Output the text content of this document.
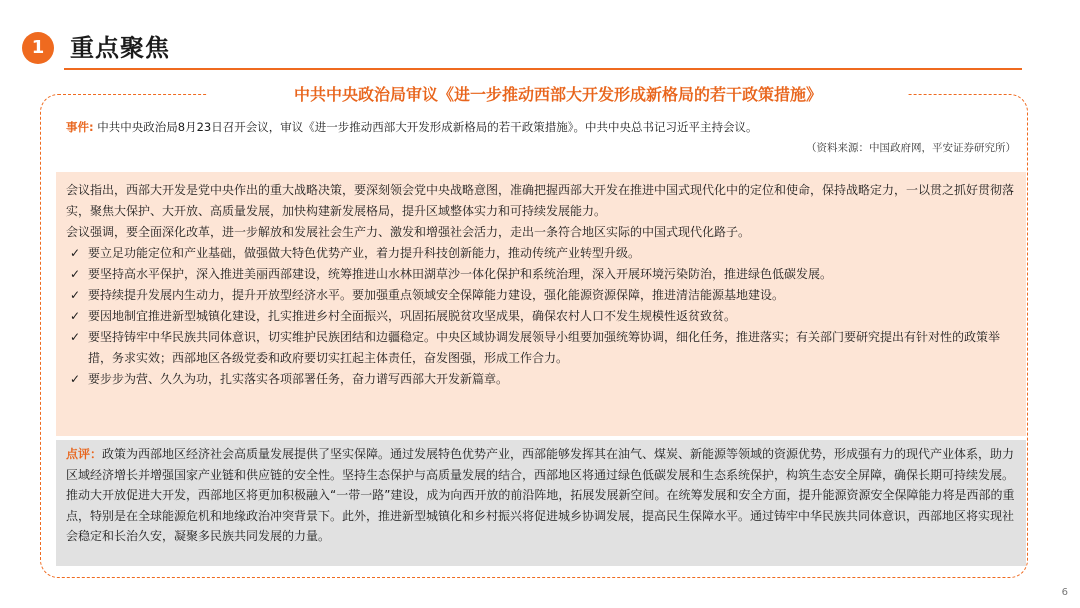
1	重点聚焦
中共中央政治局审议《进一步推动西部大开发形成新格局的若干政策措施》
事件: 中共中央政治局8月23日召开会议，审议《进一步推动西部大开发形成新格局的若干政策措施》。中共中央总书记习近平主持会议。
（资料来源：中国政府网，平安证券研究所）

会议指出，西部大开发是党中央作出的重大战略决策，要深刻领会党中央战略意图，准确把握西部大开发在推进中国式现代化中的定位和使命，保持战略定力，一以贯之抓好贯彻落实，聚焦大保护、大开放、高质量发展，加快构建新发展格局，提升区域整体实力和可持续发展能力。

会议强调，要全面深化改革，进一步解放和发展社会生产力、激发和增强社会活力，走出一条符合地区实际的中国式现代化路子。

✓ 要立足功能定位和产业基础，做强做大特色优势产业，着力提升科技创新能力，推动传统产业转型升级。
✓ 要坚持高水平保护，深入推进美丽西部建设，统筹推进山水林田湖草沙一体化保护和系统治理，深入开展环境污染防治，推进绿色低碳发展。
✓ 要持续提升发展内生动力，提升开放型经济水平。要加强重点领域安全保障能力建设，强化能源资源保障，推进清洁能源基地建设。
✓ 要因地制宜推进新型城镇化建设，扎实推进乡村全面振兴，巩固拓展脱贫攻坚成果，确保农村人口不发生规模性返贫致贫。
✓ 要坚持铸牢中华民族共同体意识，切实维护民族团结和边疆稳定。中央区域协调发展领导小组要加强统筹协调，细化任务，推进落实；有关部门要研究提出有针对性的政策举措，务求实效；西部地区各级党委和政府要切实扛起主体责任，奋发图强，形成工作合力。
✓ 要步步为营、久久为功，扎实落实各项部署任务，奋力谱写西部大开发新篇章。
点评：政策为西部地区经济社会高质量发展提供了坚实保障。通过发展特色优势产业，西部能够发挥其在油气、煤炭、新能源等领域的资源优势，形成强有力的现代产业体系，助力区域经济增长并增强国家产业链和供应链的安全性。坚持生态保护与高质量发展的结合，西部地区将通过绿色低碳发展和生态系统保护，构筑生态安全屏障，确保长期可持续发展。推动大开放促进大开发，西部地区将更加积极融入“一带一路”建设，成为向西开放的前沿阵地，拓展发展新空间。在统筹发展和安全方面，提升能源资源安全保障能力将是西部的重点，特别是在全球能源危机和地缘政治冲突背景下。此外，推进新型城镇化和乡村振兴将促进城乡协调发展，提高民生保障水平。通过铸牢中华民族共同体意识，西部地区将实现社会稳定和长治久安，凝聚多民族共同发展的力量。
6
